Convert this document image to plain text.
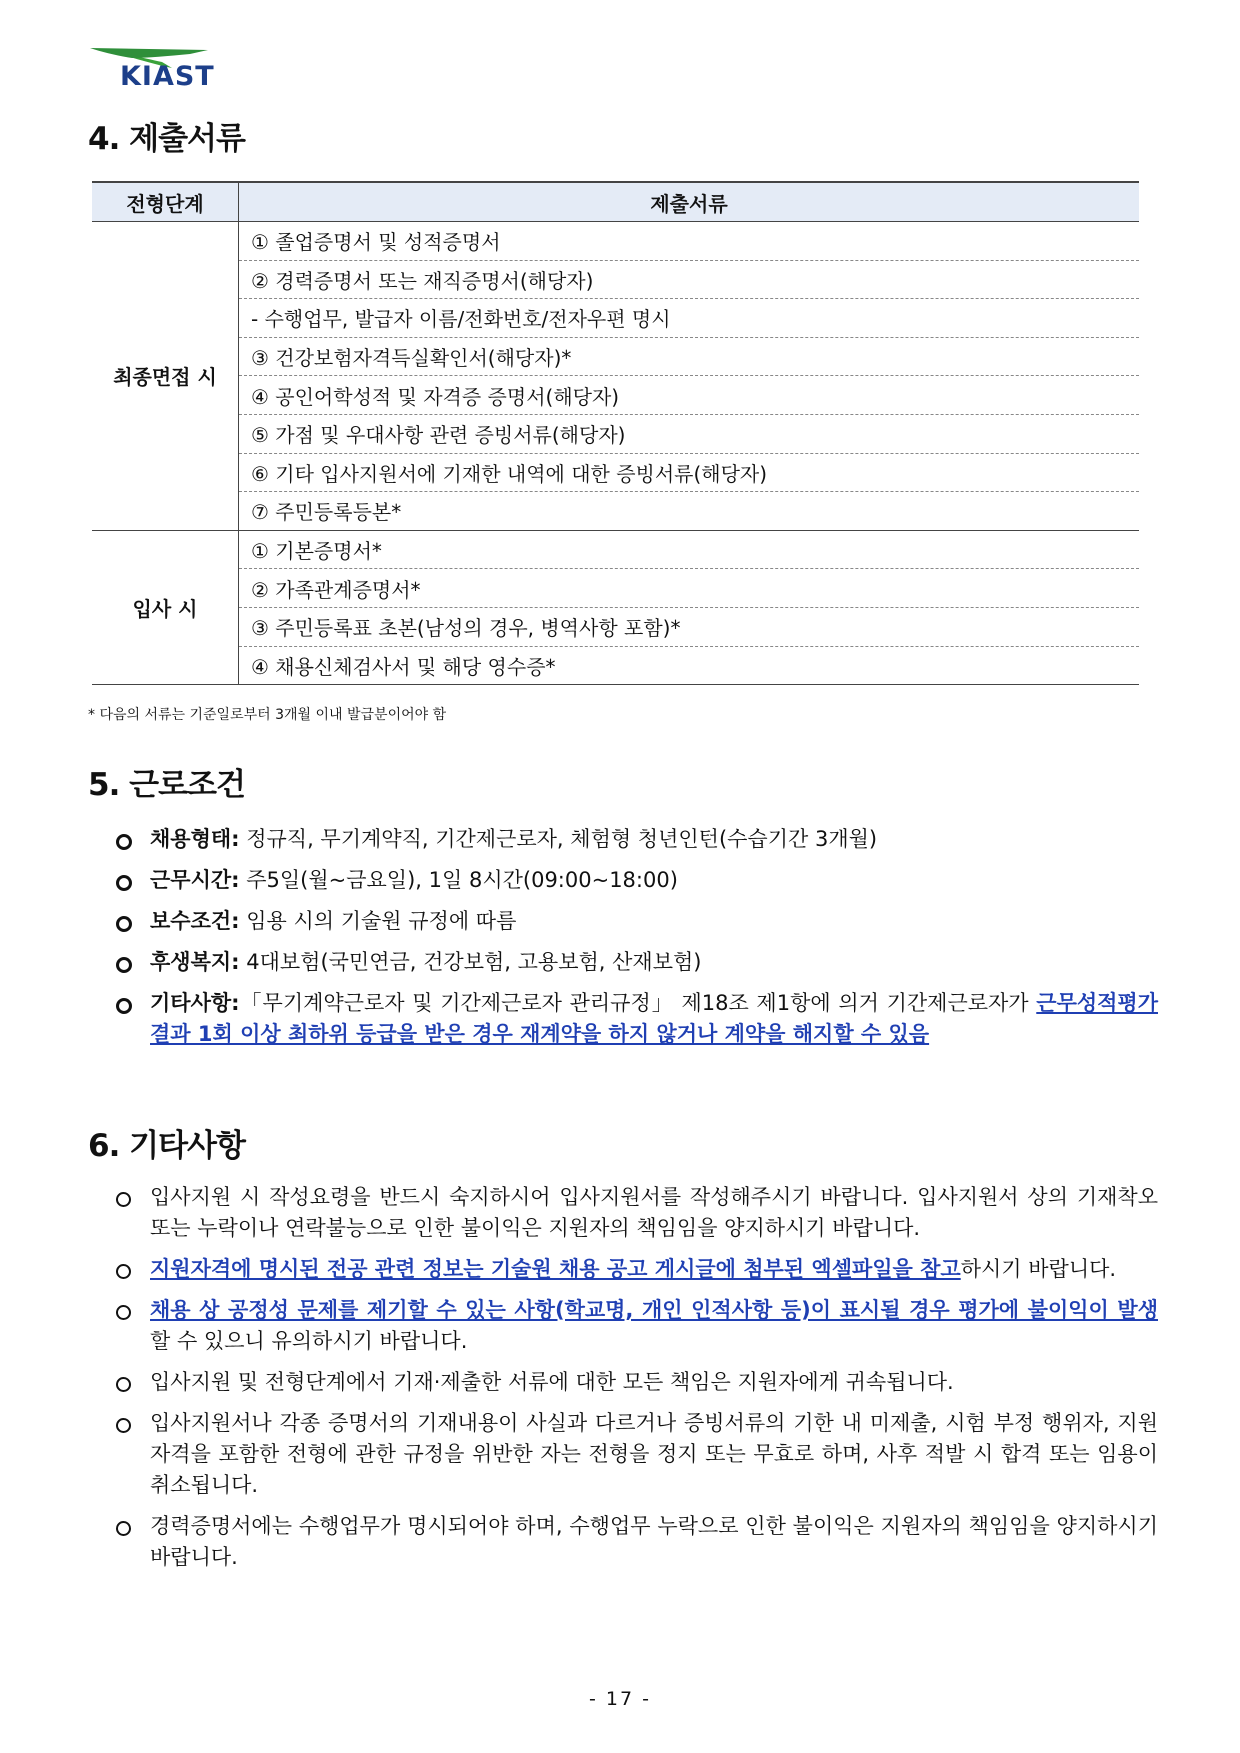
KIAST
4. 제출서류
전형단계	제출서류
최종면접 시	① 졸업증명서 및 성적증명서
	② 경력증명서 또는 재직증명서(해당자)
	- 수행업무, 발급자 이름/전화번호/전자우편 명시
	③ 건강보험자격득실확인서(해당자)*
	④ 공인어학성적 및 자격증 증명서(해당자)
	⑤ 가점 및 우대사항 관련 증빙서류(해당자)
	⑥ 기타 입사지원서에 기재한 내역에 대한 증빙서류(해당자)
	⑦ 주민등록등본*
입사 시	① 기본증명서*
	② 가족관계증명서*
	③ 주민등록표 초본(남성의 경우, 병역사항 포함)*
	④ 채용신체검사서 및 해당 영수증*

* 다음의 서류는 기준일로부터 3개월 이내 발급분이어야 함

5. 근로조건
채용형태: 정규직, 무기계약직, 기간제근로자, 체험형 청년인턴(수습기간 3개월)
근무시간: 주5일(월~금요일), 1일 8시간(09:00~18:00)
보수조건: 임용 시의 기술원 규정에 따름
후생복지: 4대보험(국민연금, 건강보험, 고용보험, 산재보험)
기타사항:「무기계약근로자 및 기간제근로자 관리규정」 제18조 제1항에 의거 기간제근로자가 근무성적평가 결과 1회 이상 최하위 등급을 받은 경우 재계약을 하지 않거나 계약을 해지할 수 있음
6. 기타사항
입사지원 시 작성요령을 반드시 숙지하시어 입사지원서를 작성해주시기 바랍니다. 입사지원서 상의 기재착오 또는 누락이나 연락불능으로 인한 불이익은 지원자의 책임임을 양지하시기 바랍니다.
지원자격에 명시된 전공 관련 정보는 기술원 채용 공고 게시글에 첨부된 엑셀파일을 참고하시기 바랍니다.
채용 상 공정성 문제를 제기할 수 있는 사항(학교명, 개인 인적사항 등)이 표시될 경우 평가에 불이익이 발생할 수 있으니 유의하시기 바랍니다.
입사지원 및 전형단계에서 기재·제출한 서류에 대한 모든 책임은 지원자에게 귀속됩니다.
입사지원서나 각종 증명서의 기재내용이 사실과 다르거나 증빙서류의 기한 내 미제출, 시험 부정 행위자, 지원자격을 포함한 전형에 관한 규정을 위반한 자는 전형을 정지 또는 무효로 하며, 사후 적발 시 합격 또는 임용이 취소됩니다.
경력증명서에는 수행업무가 명시되어야 하며, 수행업무 누락으로 인한 불이익은 지원자의 책임임을 양지하시기 바랍니다.

- 17 -
